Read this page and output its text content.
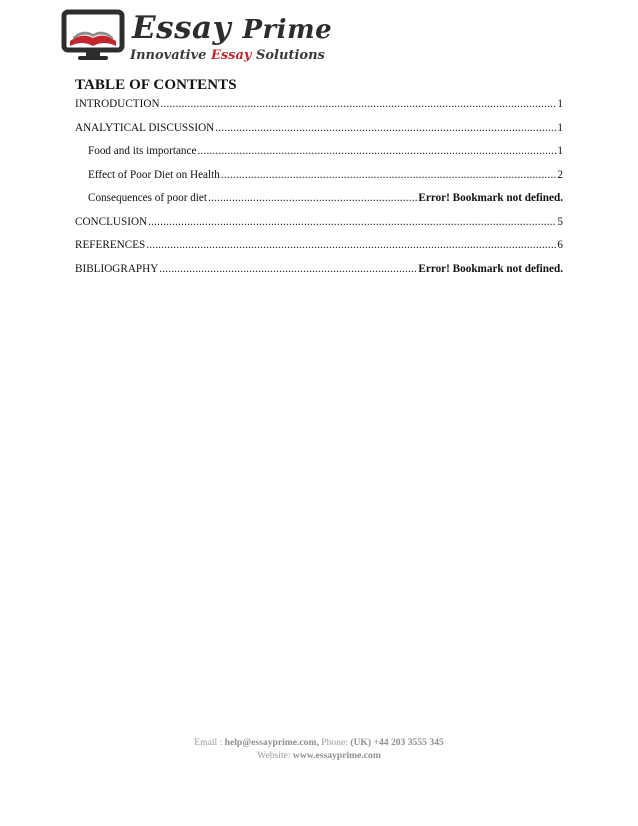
Essay Prime
Innovative Essay Solutions
TABLE OF CONTENTS
INTRODUCTION .....	1
ANALYTICAL DISCUSSION .....	1
Food and its importance .....	1
Effect of Poor Diet on Health .....	2
Consequences of poor diet .....	Error! Bookmark not defined.
CONCLUSION .....	5
REFERENCES .....	6
BIBLIOGRAPHY .....	Error! Bookmark not defined.
Email : help@essayprime.com, Phone: (UK) +44 203 3555 345
Website: www.essayprime.com
